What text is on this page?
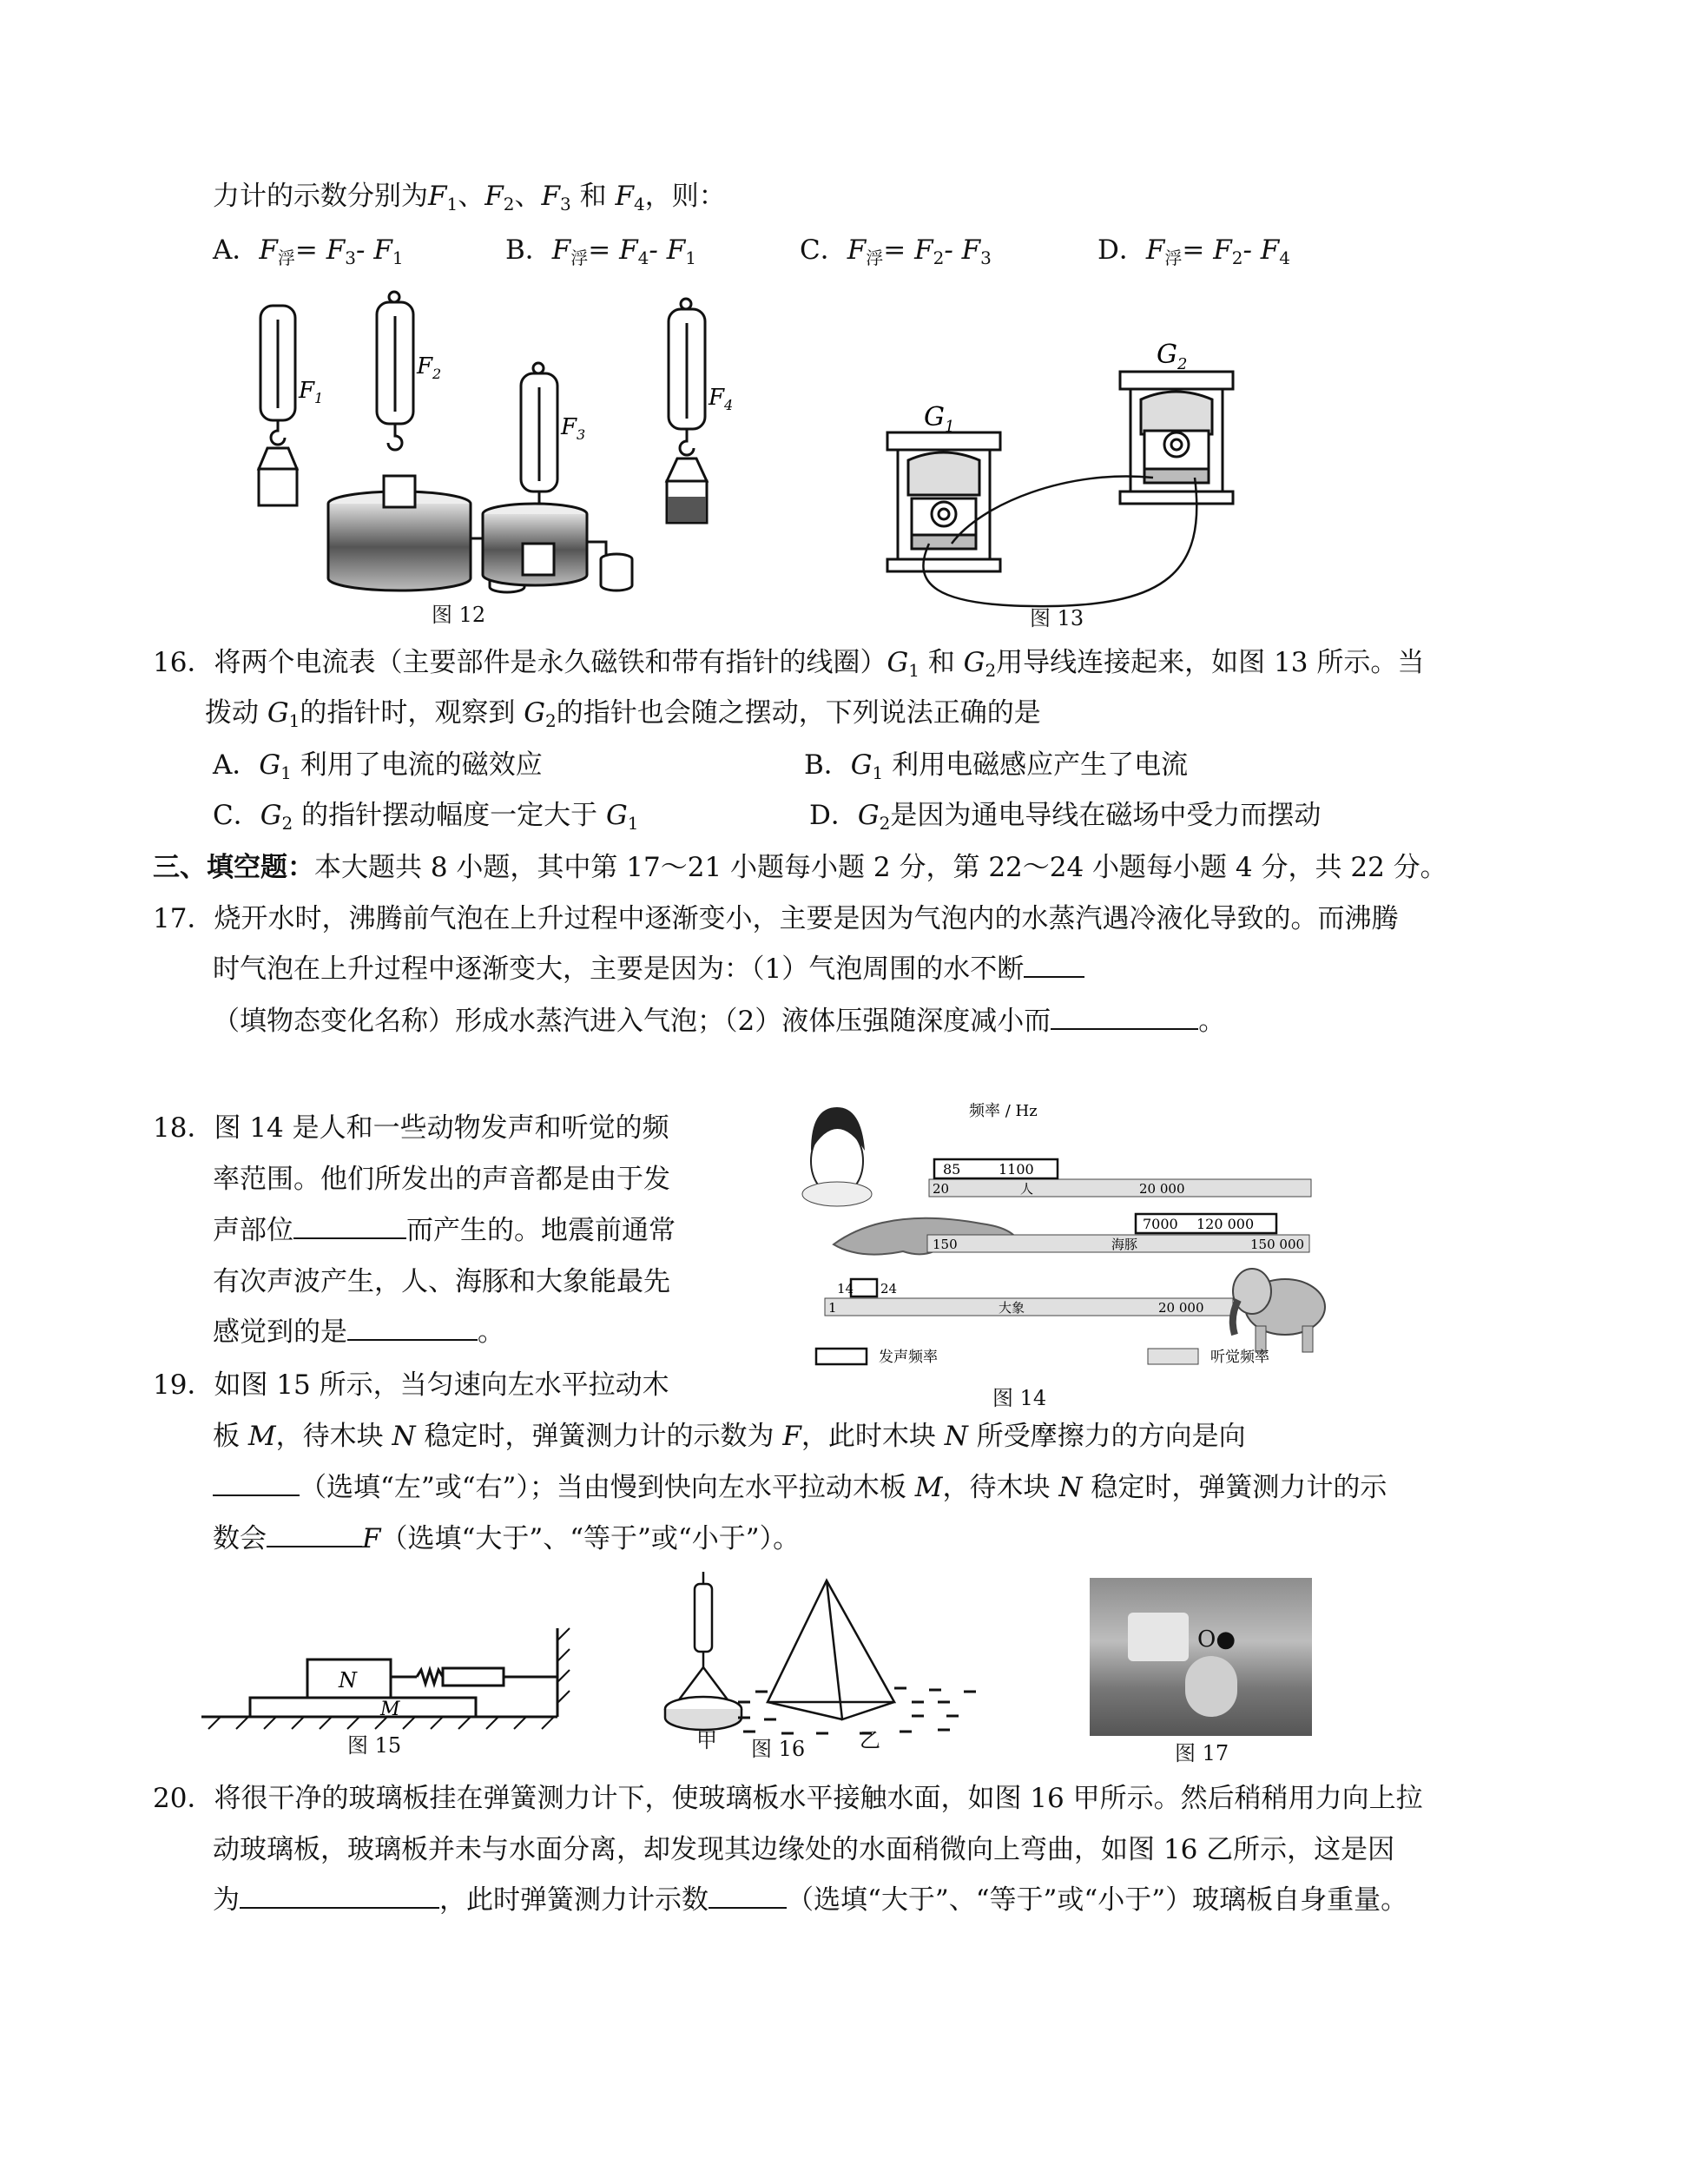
力计的示数分别为$F_1$、$F_2$、$F_3$ 和 $F_4$，则：
A．$F_浮= F_3-$ $F_1$	B．$F_浮= F_4-$ $F_1$	C．$F_浮= F_2-$ $F_3$	D．$F_浮= F_2-$ $F_4$
$F_1$
$F_2$
$F_3$
$F_4$
图 12
$G_1$
$G_2$
图 13
16．将两个电流表（主要部件是永久磁铁和带有指针的线圈）$G_1$ 和 $G_2$用导线连接起来，如图 13 所示。当
拨动 $G_1$的指针时，观察到 $G_2$的指针也会随之摆动，下列说法正确的是
A．$G_1$ 利用了电流的磁效应	B．$G_1$ 利用电磁感应产生了电流
C．$G_2$ 的指针摆动幅度一定大于 $G_1$	D．$G_2$是因为通电导线在磁场中受力而摆动
三、填空题：本大题共 8 小题，其中第 17～21 小题每小题 2 分，第 22～24 小题每小题 4 分，共 22 分。
17．烧开水时，沸腾前气泡在上升过程中逐渐变小，主要是因为气泡内的水蒸汽遇冷液化导致的。而沸腾
时气泡在上升过程中逐渐变大，主要是因为：（1）气泡周围的水不断
（填物态变化名称）形成水蒸汽进入气泡；（2）液体压强随深度减小而	。
18．图 14 是人和一些动物发声和听觉的频
率范围。他们所发出的声音都是由于发
声部位	而产生的。地震前通常
有次声波产生，人、海豚和大象能最先
感觉到的是	。
频率 / Hz
85	1100
20	人	20 000
7000 120 000
150	海豚	150 000
14 24
1	大象	20 000
发声频率	听觉频率
图 14
19．如图 15 所示，当匀速向左水平拉动木
板 M，待木块 N 稳定时，弹簧测力计的示数为 F，此时木块 N 所受摩擦力的方向是向
（选填“左”或“右”）；当由慢到快向左水平拉动木板 M，待木块 N 稳定时，弹簧测力计的示
数会	F（选填“大于”、“等于”或“小于”）。
N
M
图 15	甲	乙
图 16
O●
图 17
20．将很干净的玻璃板挂在弹簧测力计下，使玻璃板水平接触水面，如图 16 甲所示。然后稍稍用力向上拉
动玻璃板，玻璃板并未与水面分离，却发现其边缘处的水面稍微向上弯曲，如图 16 乙所示，这是因
为	，此时弹簧测力计示数	（选填“大于”、“等于”或“小于”）玻璃板自身重量。
